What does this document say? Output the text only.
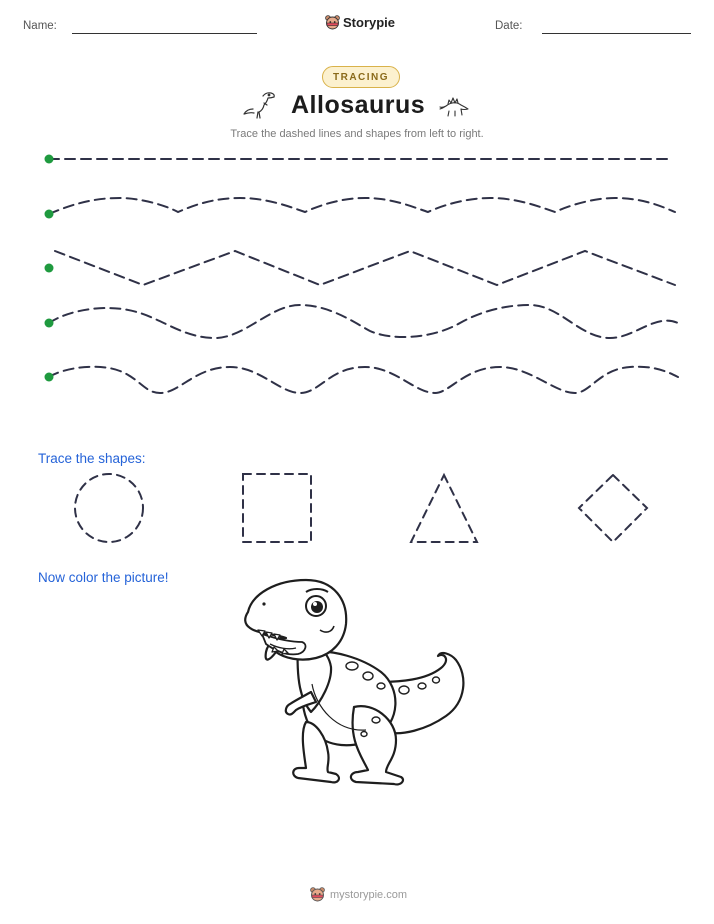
Name:	Storypie	Date:
TRACING
Allosaurus
Trace the dashed lines and shapes from left to right.
Trace the shapes:
Now color the picture!
mystorypie.com
